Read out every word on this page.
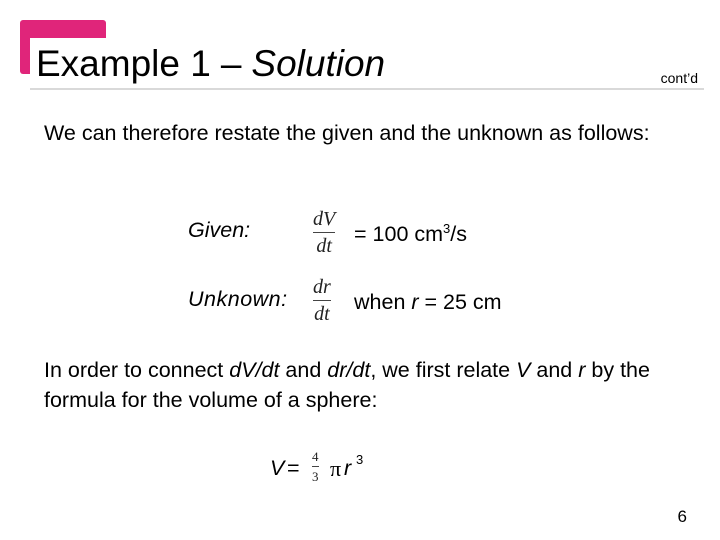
Example 1 – Solution	cont’d

We can therefore restate the given and the unknown as follows:

Given:	dV
dt = 100 $cm^3/s$
Unknown: dr
dt when r = 25 cm

In order to connect dV/dt and dr/dt, we first relate V and r by the formula for the volume of a sphere:

V = 4
3 π r 3
6
